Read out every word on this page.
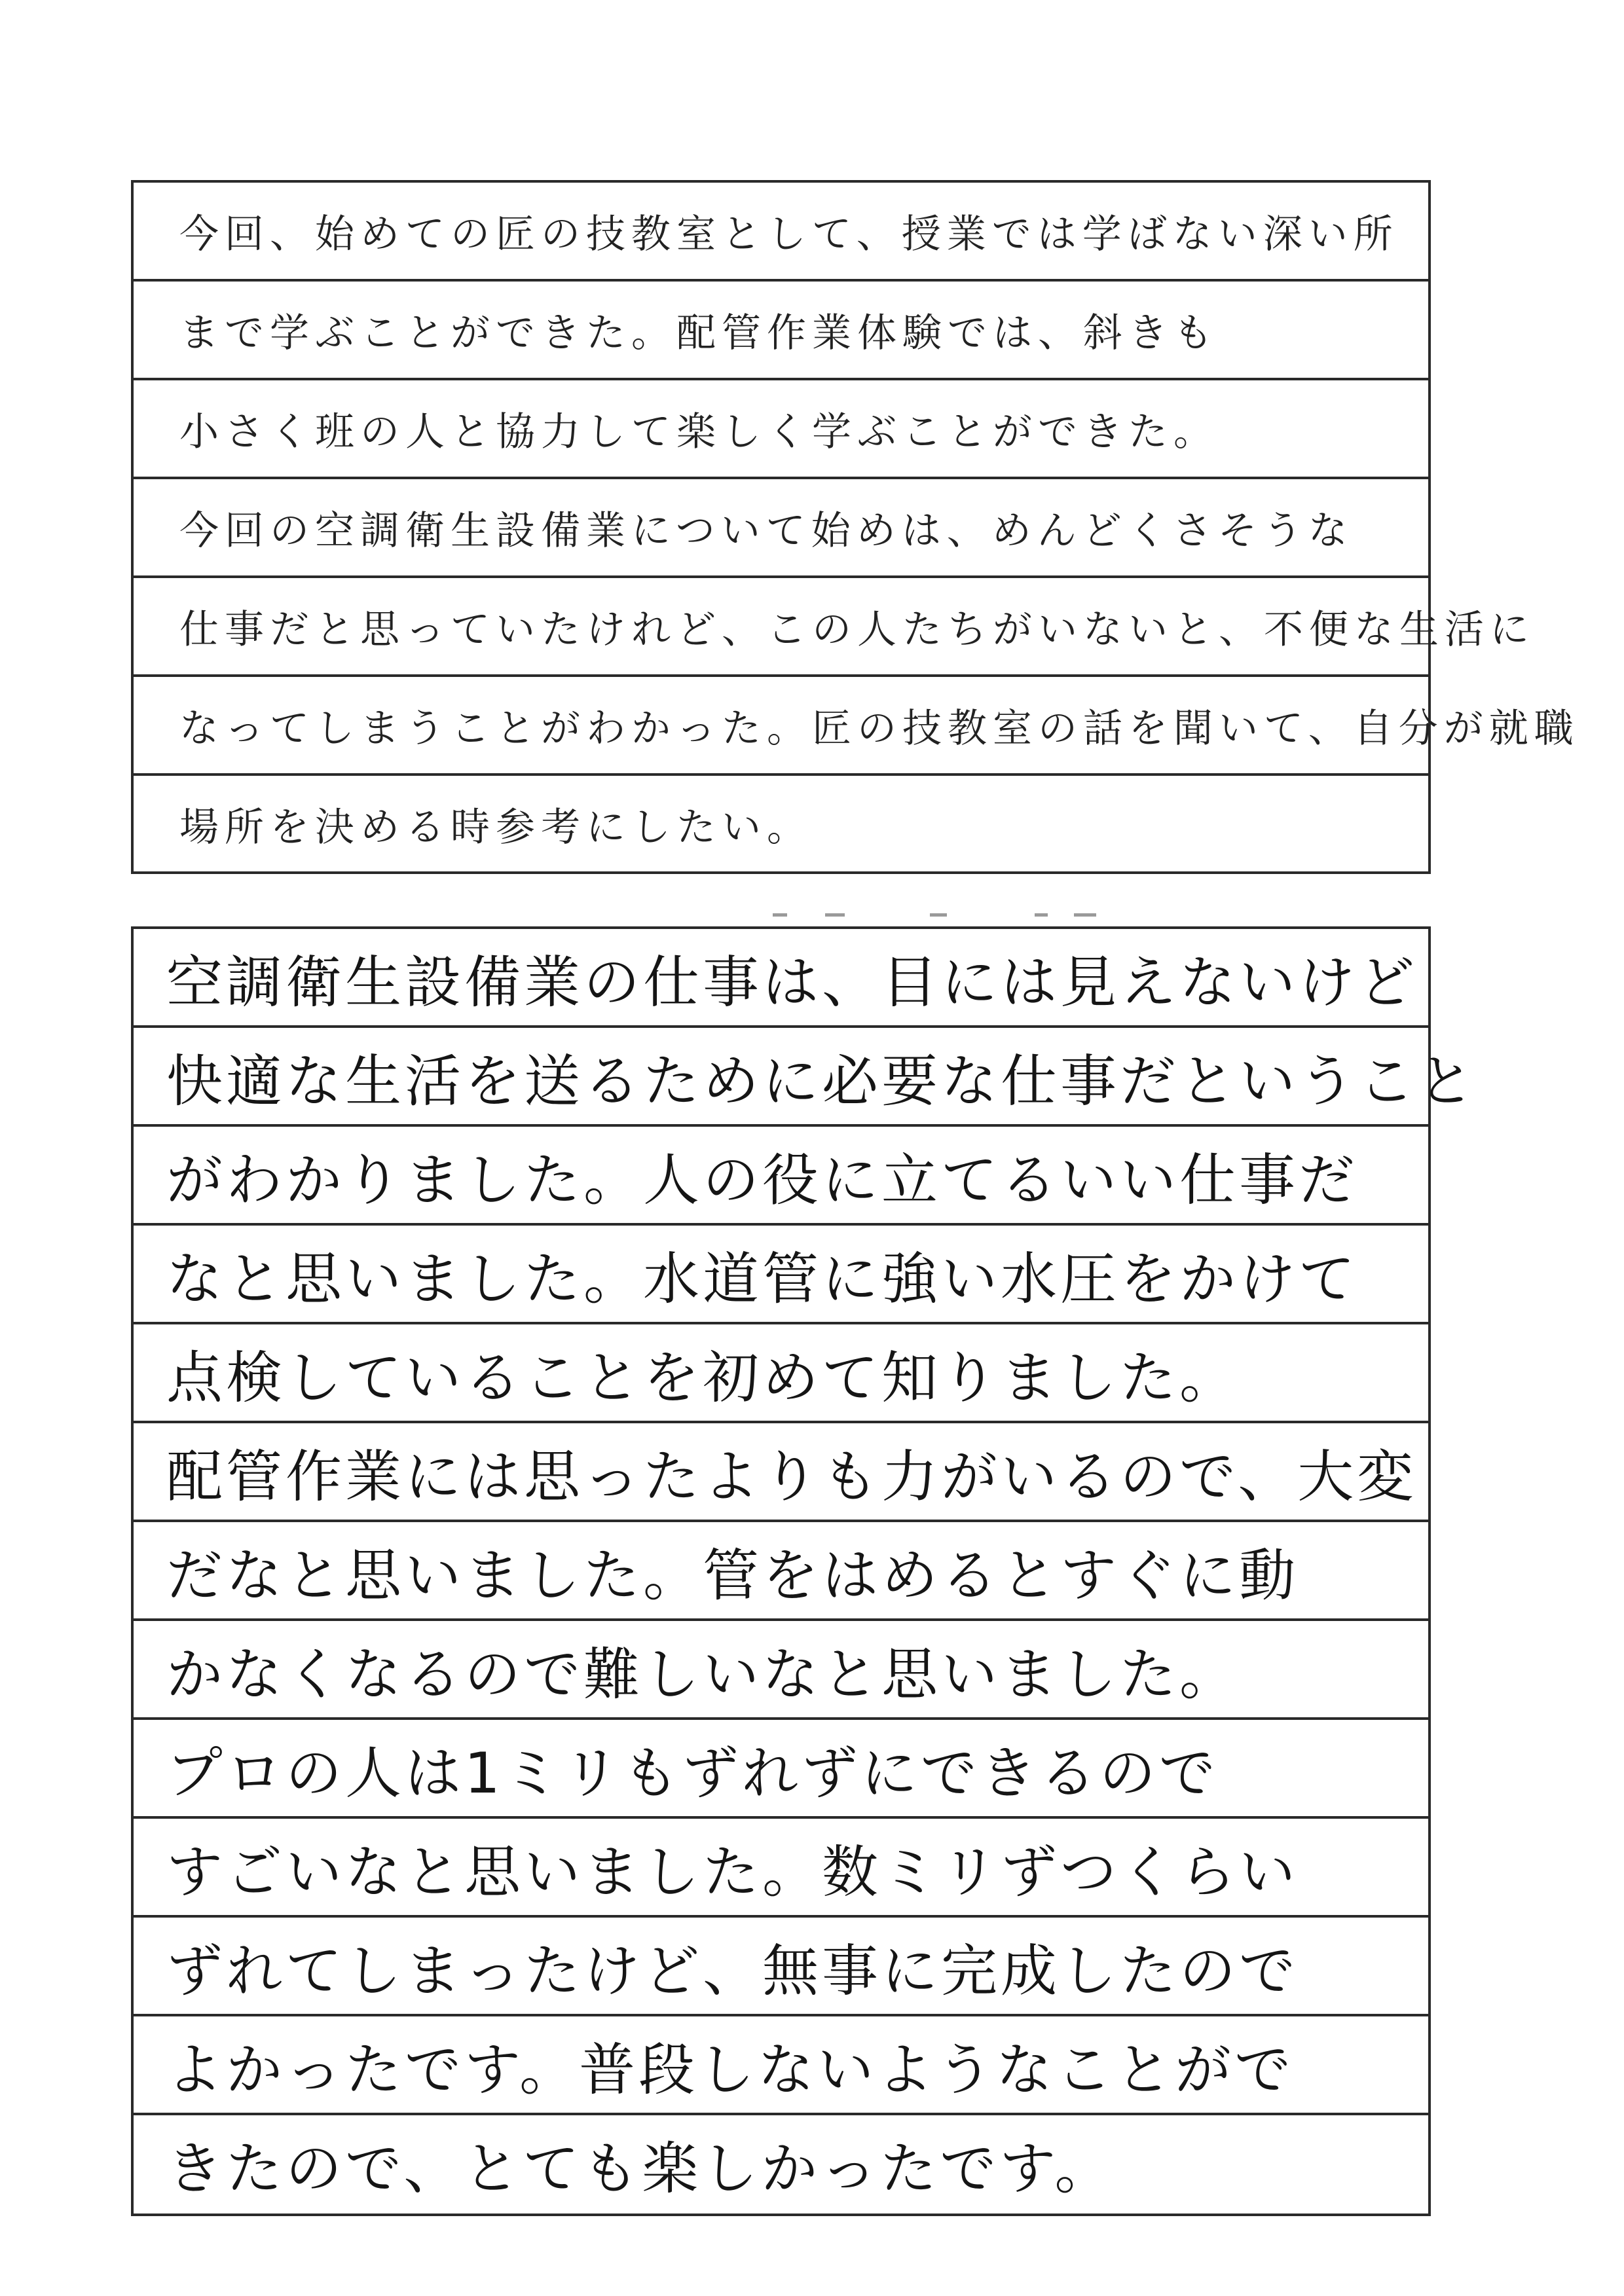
今回、始めての匠の技教室として、授業では学ばない深い所
まで学ぶことができた。配管作業体験では、斜きも
小さく班の人と協力して楽しく学ぶことができた。
今回の空調衛生設備業について始めは、めんどくさそうな
仕事だと思っていたけれど、この人たちがいないと、不便な生活に
なってしまうことがわかった。匠の技教室の話を聞いて、自分が就職
場所を決める時参考にしたい。
空調衛生設備業の仕事は、目には見えないけど
快適な生活を送るために必要な仕事だということ
がわかりました。人の役に立てるいい仕事だ
なと思いました。水道管に強い水圧をかけて
点検していることを初めて知りました。
配管作業には思ったよりも力がいるので、大変
だなと思いました。管をはめるとすぐに動
かなくなるので難しいなと思いました。
プロの人は1ミリもずれずにできるので
すごいなと思いました。数ミリずつくらい
ずれてしまったけど、無事に完成したので
よかったです。普段しないようなことがで
きたので、とても楽しかったです。
